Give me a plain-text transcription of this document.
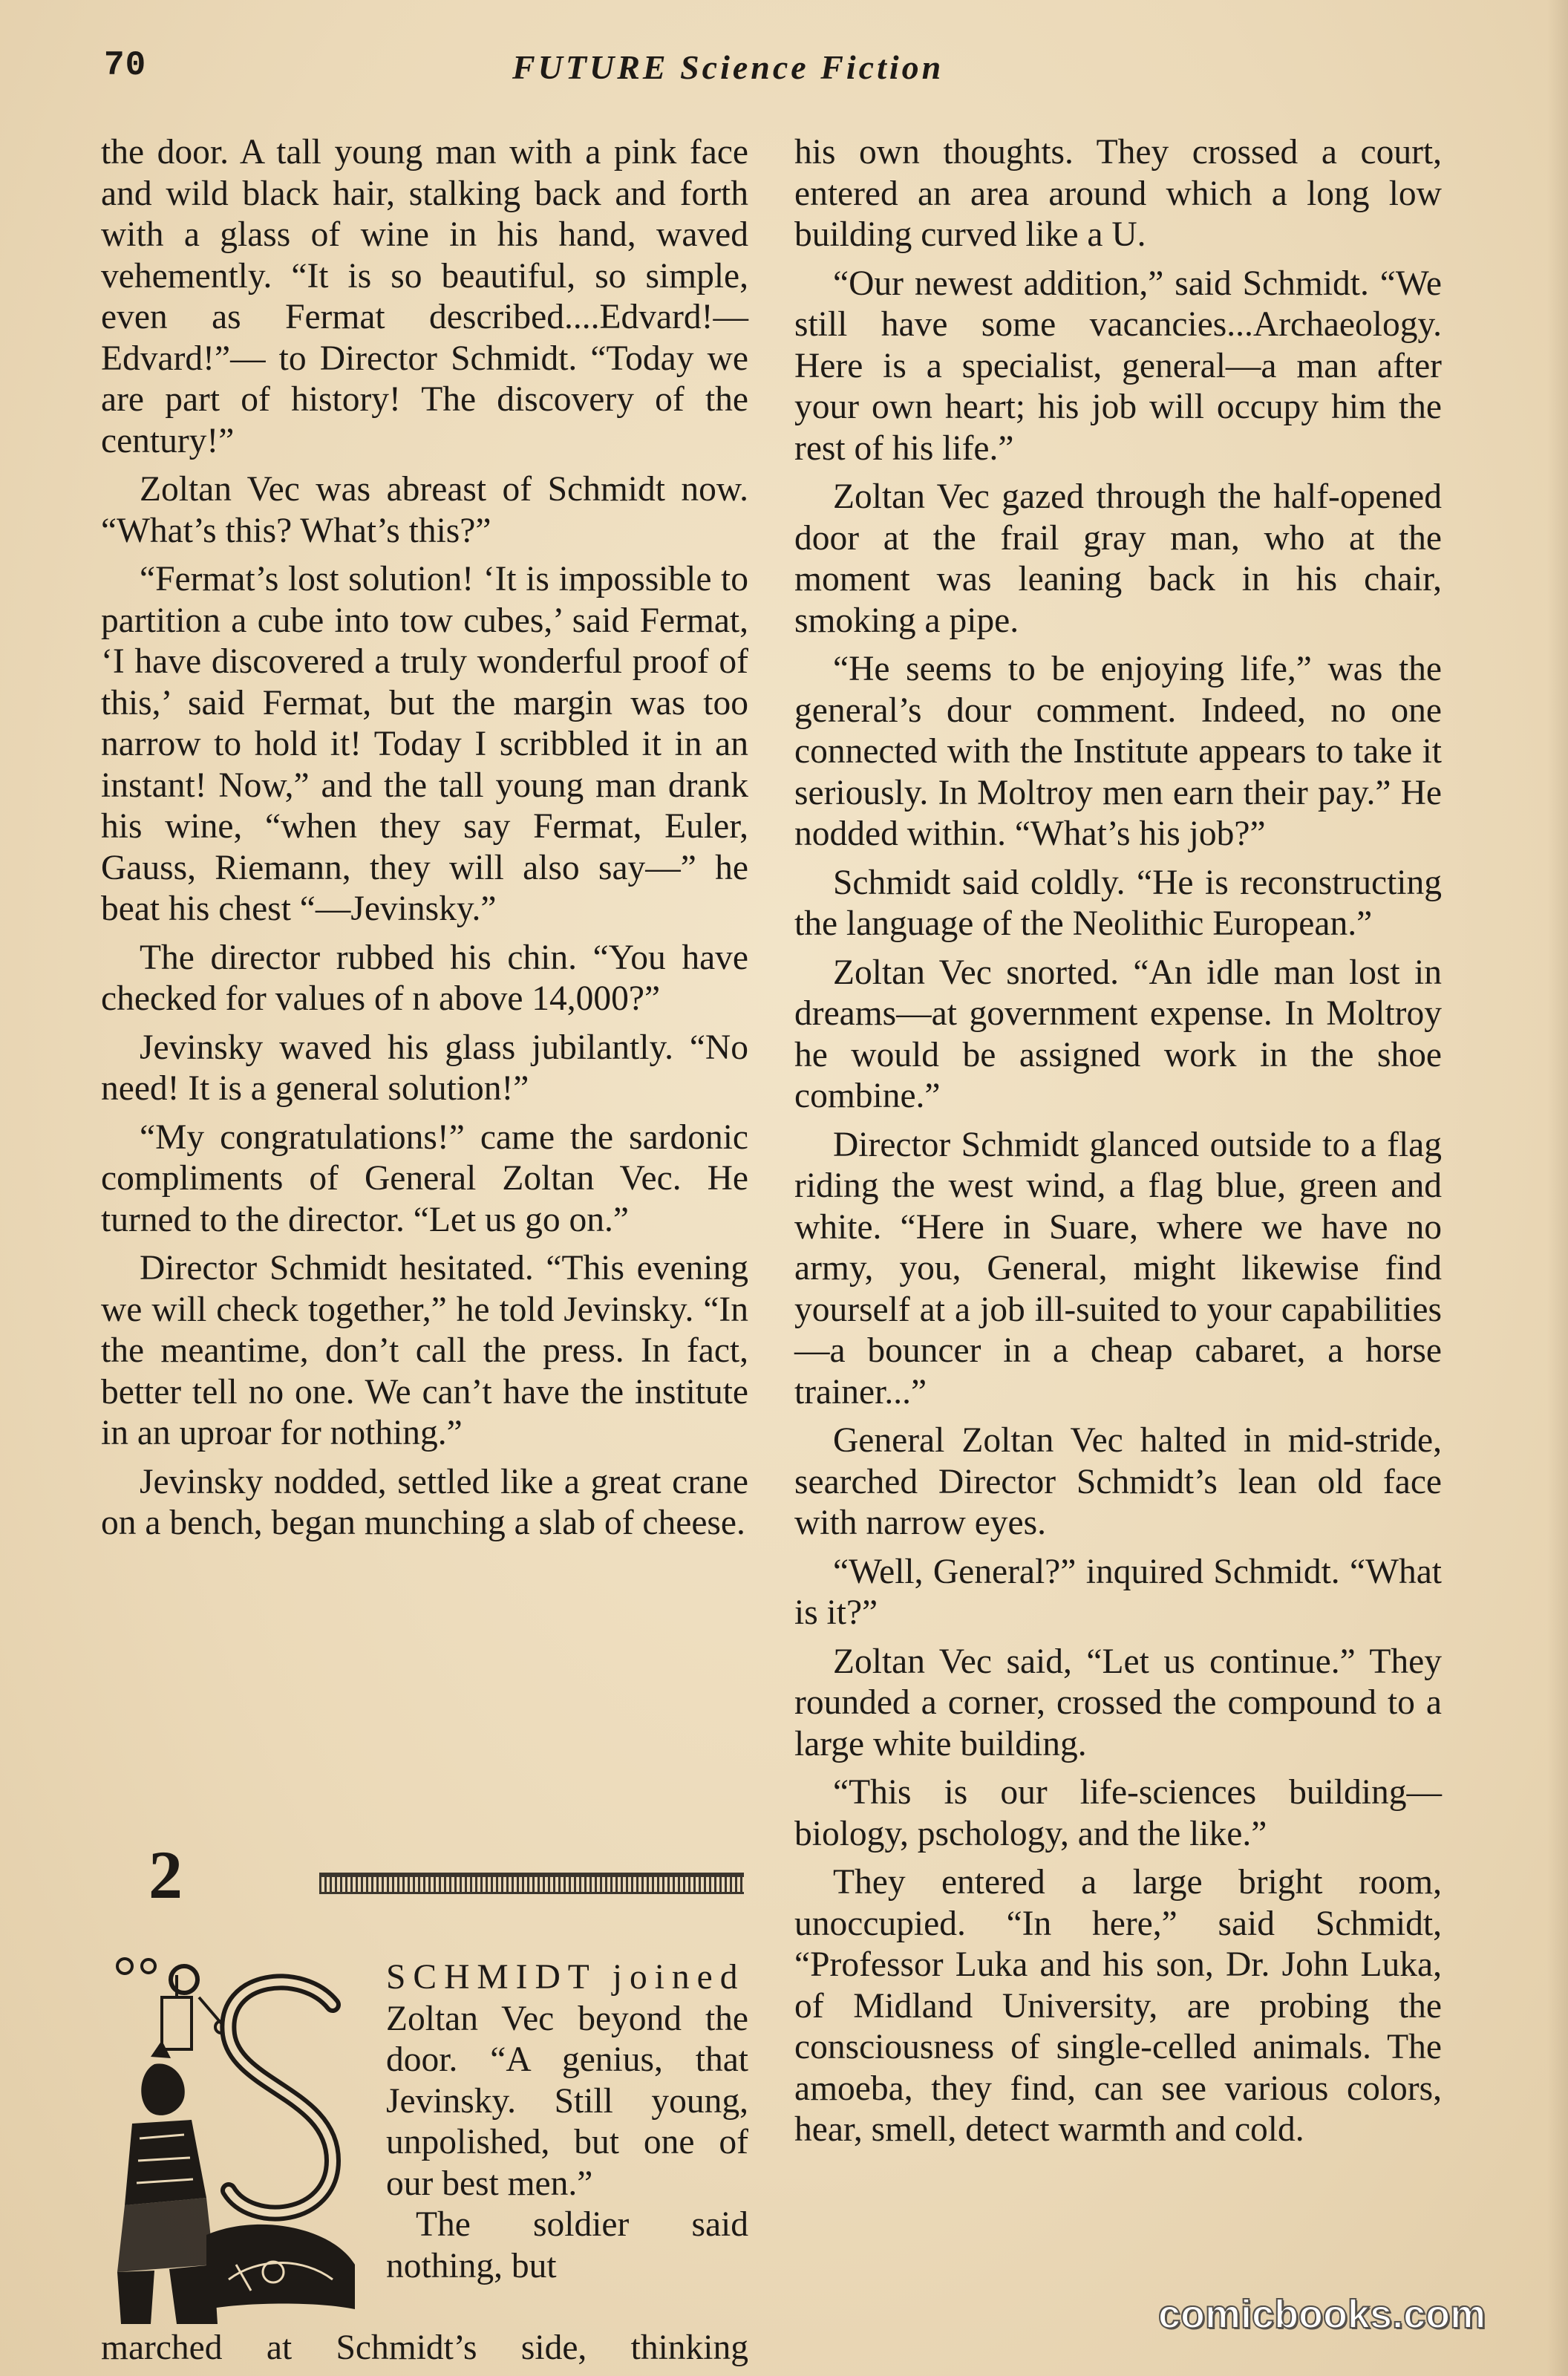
70	FUTURE Science Fiction

the door. A tall young man with a pink face and wild black hair, stalking back and forth with a glass of wine in his hand, waved vehemently. “It is so beautiful, so simple, even as Fermat described....Edvard!— Edvard!”— to Director Schmidt. “Today we are part of history! The discovery of the century!”

Zoltan Vec was abreast of Schmidt now. “What’s this? What’s this?”

“Fermat’s lost solution! ‘It is impossible to partition a cube into tow cubes,’ said Fermat, ‘I have discovered a truly wonderful proof of this,’ said Fermat, but the margin was too narrow to hold it! Today I scribbled it in an instant! Now,” and the tall young man drank his wine, “when they say Fermat, Euler, Gauss, Riemann, they will also say—” he beat his chest “—Jevinsky.”

The director rubbed his chin. “You have checked for values of n above 14,000?”

Jevinsky waved his glass jubilantly. “No need! It is a general solution!”

“My congratulations!” came the sardonic compliments of General Zoltan Vec. He turned to the director. “Let us go on.”

Director Schmidt hesitated. “This evening we will check together,” he told Jevinsky. “In the meantime, don’t call the press. In fact, better tell no one. We can’t have the institute in an uproar for nothing.”

Jevinsky nodded, settled like a great crane on a bench, began munching a slab of cheese.

2

SCHMIDT joined

Zoltan Vec beyond the door. “A genius, that Jevinsky. Still young, unpolished, but one of our best men.”

The soldier said nothing, but

marched at Schmidt’s side, thinking

his own thoughts. They crossed a court, entered an area around which a long low building curved like a U.

“Our newest addition,” said Schmidt. “We still have some vacancies...Archaeology. Here is a specialist, general—a man after your own heart; his job will occupy him the rest of his life.”

Zoltan Vec gazed through the half-opened door at the frail gray man, who at the moment was leaning back in his chair, smoking a pipe.

“He seems to be enjoying life,” was the general’s dour comment. Indeed, no one connected with the Institute appears to take it seriously. In Moltroy men earn their pay.” He nodded within. “What’s his job?”

Schmidt said coldly. “He is reconstructing the language of the Neolithic European.”

Zoltan Vec snorted. “An idle man lost in dreams—at government expense. In Moltroy he would be assigned work in the shoe combine.”

Director Schmidt glanced outside to a flag riding the west wind, a flag blue, green and white. “Here in Suare, where we have no army, you, General, might likewise find yourself at a job ill-suited to your capabilities—a bouncer in a cheap cabaret, a horse trainer...”

General Zoltan Vec halted in mid-stride, searched Director Schmidt’s lean old face with narrow eyes.

“Well, General?” inquired Schmidt. “What is it?”

Zoltan Vec said, “Let us continue.” They rounded a corner, crossed the compound to a large white building.

“This is our life-sciences building—biology, pschology, and the like.”

They entered a large bright room, unoccupied. “In here,” said Schmidt, “Professor Luka and his son, Dr. John Luka, of Midland University, are probing the consciousness of single-celled animals. The amoeba, they find, can see various colors, hear, smell, detect warmth and cold.

comicbooks.com
